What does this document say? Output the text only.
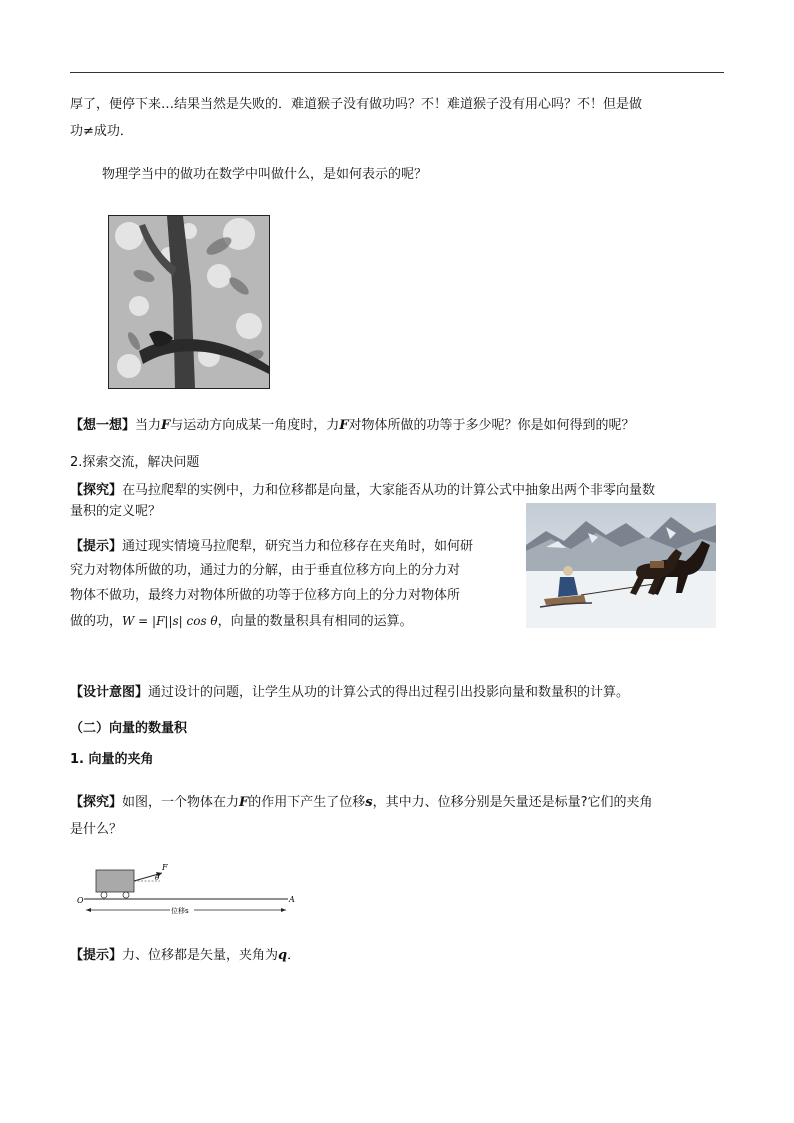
厚了，便停下来…结果当然是失败的．难道猴子没有做功吗？不！难道猴子没有用心吗？不！但是做
功≠成功．
物理学当中的做功在数学中叫做什么，是如何表示的呢？
【想一想】当力F与运动方向成某一角度时，力F对物体所做的功等于多少呢？你是如何得到的呢？
2.探索交流，解决问题
【探究】在马拉爬犁的实例中，力和位移都是向量，大家能否从功的计算公式中抽象出两个非零向量数
量积的定义呢？
【提示】通过现实情境马拉爬犁，研究当力和位移存在夹角时，如何研
究力对物体所做的功，通过力的分解，由于垂直位移方向上的分力对
物体不做功，最终力对物体所做的功等于位移方向上的分力对物体所
做的功，W = |F||s| cos θ，向量的数量积具有相同的运算。
【设计意图】通过设计的问题，让学生从功的计算公式的得出过程引出投影向量和数量积的计算。
（二）向量的数量积
1. 向量的夹角
【探究】如图，一个物体在力F的作用下产生了位移s，其中力、位移分别是矢量还是标量?它们的夹角
是什么？
F
θ
O	A
位移s
【提示】力、位移都是矢量，夹角为q．
